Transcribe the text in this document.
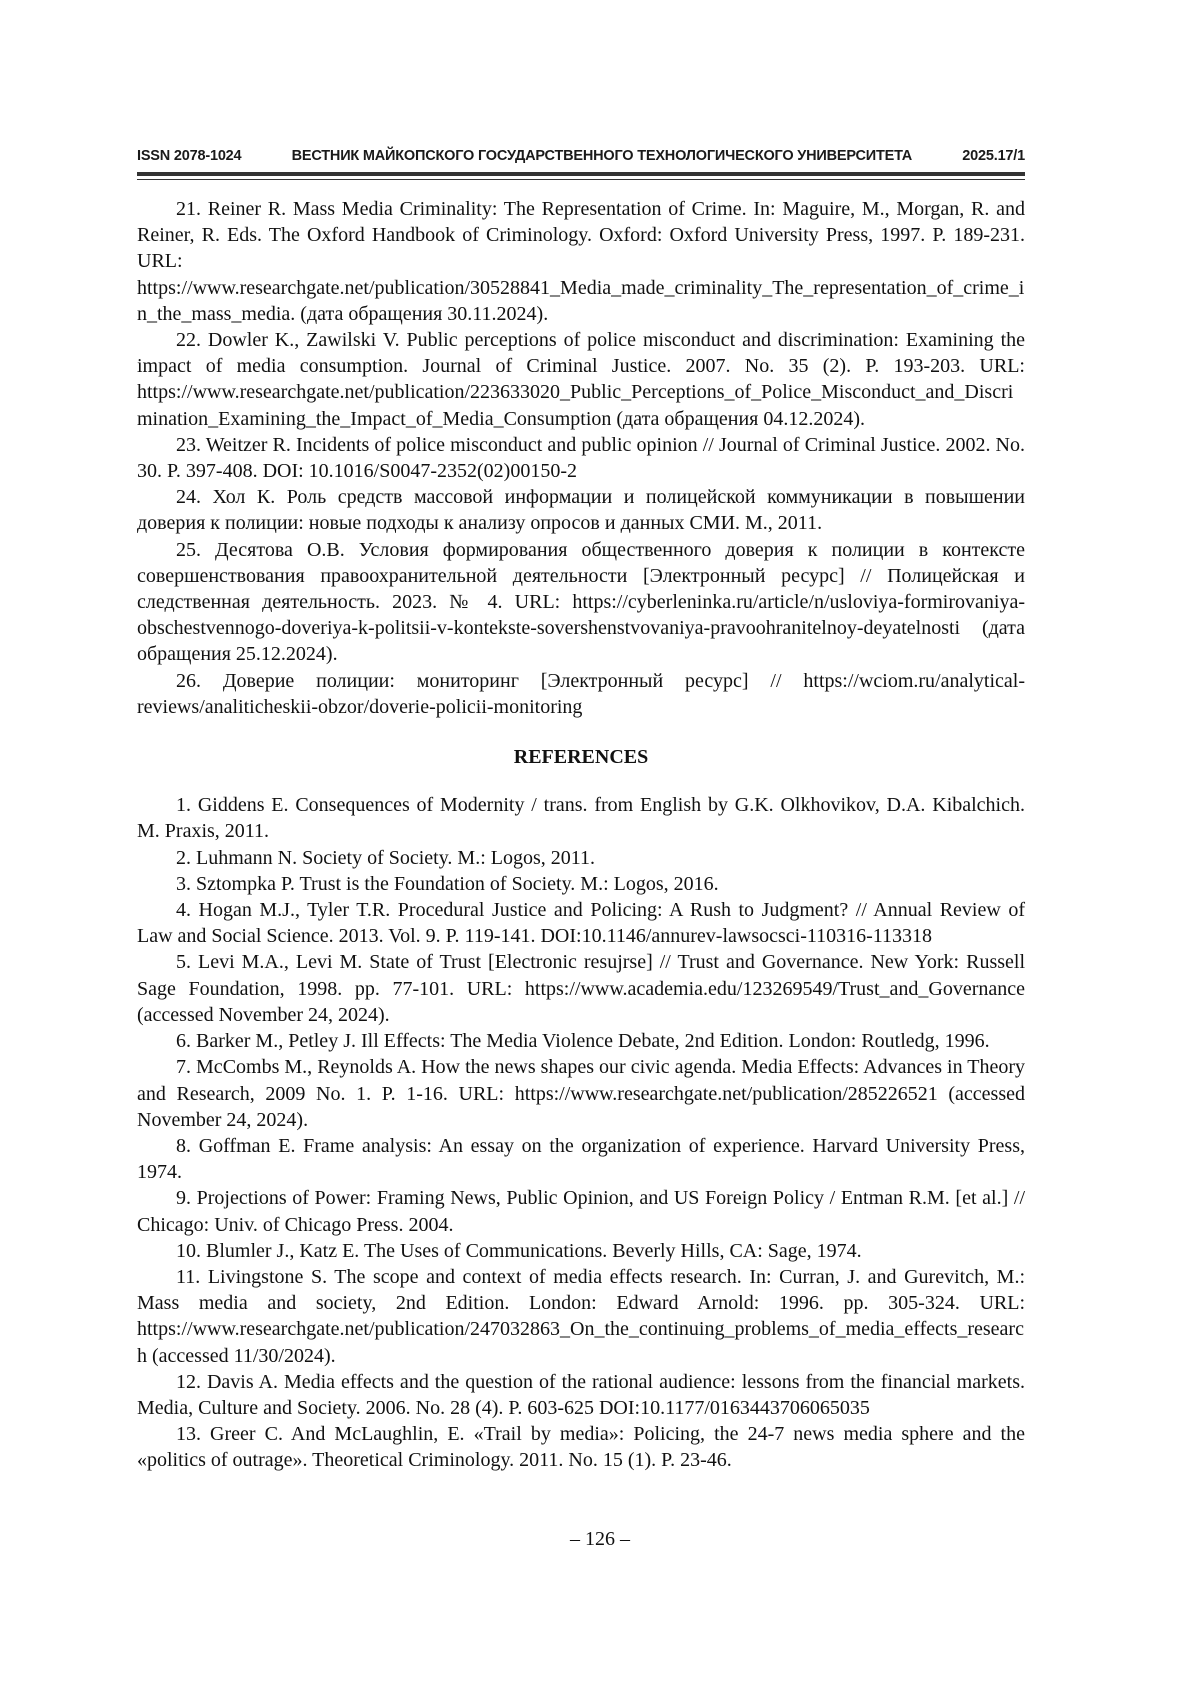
ISSN 2078-1024	ВЕСТНИК МАЙКОПСКОГО ГОСУДАРСТВЕННОГО ТЕХНОЛОГИЧЕСКОГО УНИВЕРСИТЕТА	2025.17/1

21. Reiner R. Mass Media Criminality: The Representation of Crime. In: Maguire, M., Morgan, R. and Reiner, R. Eds. The Oxford Handbook of Criminology. Oxford: Oxford University Press, 1997. P. 189-231. URL: https://www.researchgate.net/publication/30528841_Media_made_criminality_The_representation_of_crime_in_the_mass_media. (дата обращения 30.11.2024).

22. Dowler K., Zawilski V. Public perceptions of police misconduct and discrimination: Examining the impact of media consumption. Journal of Criminal Justice. 2007. No. 35 (2). P. 193-203. URL: https://www.researchgate.net/publication/223633020_Public_Perceptions_of_Police_Misconduct_and_Discrimination_Examining_the_Impact_of_Media_Consumption (дата обращения 04.12.2024).

23. Weitzer R. Incidents of police misconduct and public opinion // Journal of Criminal Justice. 2002. No. 30. P. 397-408. DOI: 10.1016/S0047-2352(02)00150-2

24. Хол К. Роль средств массовой информации и полицейской коммуникации в повышении доверия к полиции: новые подходы к анализу опросов и данных СМИ. М., 2011.

25. Десятова О.В. Условия формирования общественного доверия к полиции в контексте совершенствования правоохранительной деятельности [Электронный ресурс] // Полицейская и следственная деятельность. 2023. № 4. URL: https://cyberleninka.ru/article/n/usloviya-formirovaniya-obschestvennogo-doveriya-k-politsii-v-kontekste-sovershenstvovaniya-pravoohranitelnoy-deyatelnosti (дата обращения 25.12.2024).

26. Доверие полиции: мониторинг [Электронный ресурс] // https://wciom.ru/analytical-reviews/analiticheskii-obzor/doverie-policii-monitoring

REFERENCES

1. Giddens E. Consequences of Modernity / trans. from English by G.K. Olkhovikov, D.A. Kibalchich. M. Praxis, 2011.

2. Luhmann N. Society of Society. M.: Logos, 2011.

3. Sztompka P. Trust is the Foundation of Society. M.: Logos, 2016.

4. Hogan M.J., Tyler T.R. Procedural Justice and Policing: A Rush to Judgment? // Annual Review of Law and Social Science. 2013. Vol. 9. P. 119-141. DOI:10.1146/annurev-lawsocsci-110316-113318

5. Levi M.A., Levi M. State of Trust [Electronic resujrse] // Trust and Governance. New York: Russell Sage Foundation, 1998. pp. 77-101. URL: https://www.academia.edu/123269549/Trust_and_Governance (accessed November 24, 2024).

6. Barker M., Petley J. Ill Effects: The Media Violence Debate, 2nd Edition. London: Routledg, 1996.

7. McCombs M., Reynolds A. How the news shapes our civic agenda. Media Effects: Advances in Theory and Research, 2009 No. 1. P. 1-16. URL: https://www.researchgate.net/publication/285226521 (accessed November 24, 2024).

8. Goffman E. Frame analysis: An essay on the organization of experience. Harvard University Press, 1974.

9. Projections of Power: Framing News, Public Opinion, and US Foreign Policy / Entman R.M. [et al.] // Chicago: Univ. of Chicago Press. 2004.

10. Blumler J., Katz E. The Uses of Communications. Beverly Hills, CA: Sage, 1974.

11. Livingstone S. The scope and context of media effects research. In: Curran, J. and Gurevitch, M.: Mass media and society, 2nd Edition. London: Edward Arnold: 1996. pp. 305-324. URL: https://www.researchgate.net/publication/247032863_On_the_continuing_problems_of_media_effects_research (accessed 11/30/2024).

12. Davis A. Media effects and the question of the rational audience: lessons from the financial markets. Media, Culture and Society. 2006. No. 28 (4). P. 603-625 DOI:10.1177/0163443706065035

13. Greer C. And McLaughlin, E. «Trail by media»: Policing, the 24-7 news media sphere and the «politics of outrage». Theoretical Criminology. 2011. No. 15 (1). P. 23-46.

– 126 –
